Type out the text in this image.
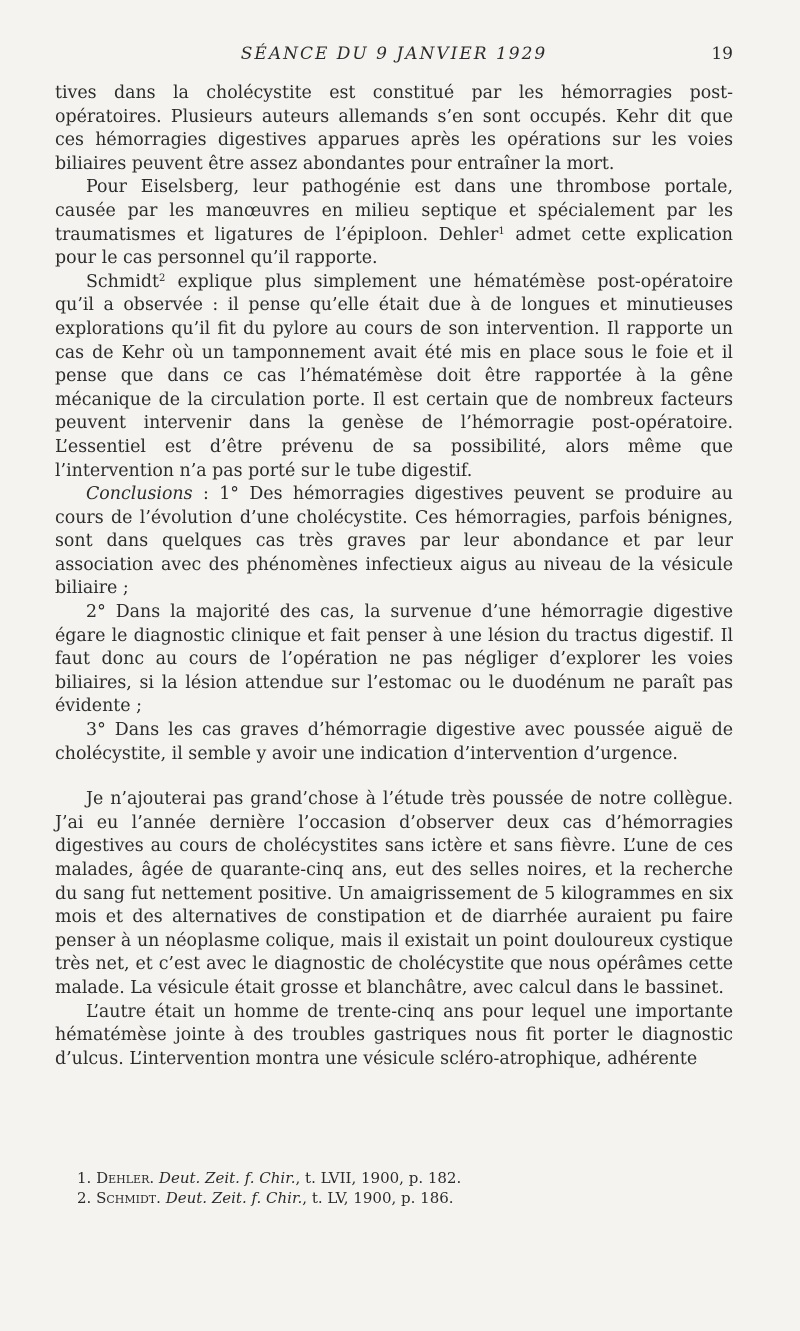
SÉANCE DU 9 JANVIER 1929	19

tives dans la cholécystite est constitué par les hémorragies post-opératoires. Plusieurs auteurs allemands s’en sont occupés. Kehr dit que ces hémorragies digestives apparues après les opérations sur les voies biliaires peuvent être assez abondantes pour entraîner la mort.

Pour Eiselsberg, leur pathogénie est dans une thrombose portale, causée par les manœuvres en milieu septique et spécialement par les traumatismes et ligatures de l’épiploon. Dehler$^1$ admet cette explication pour le cas personnel qu’il rapporte.

Schmidt$^2$ explique plus simplement une hématémèse post-opératoire qu’il a observée : il pense qu’elle était due à de longues et minutieuses explorations qu’il fit du pylore au cours de son intervention. Il rapporte un cas de Kehr où un tamponnement avait été mis en place sous le foie et il pense que dans ce cas l’hématémèse doit être rapportée à la gêne mécanique de la circulation porte. Il est certain que de nombreux facteurs peuvent intervenir dans la genèse de l’hémorragie post-opératoire. L’essentiel est d’être prévenu de sa possibilité, alors même que l’intervention n’a pas porté sur le tube digestif.

Conclusions : 1° Des hémorragies digestives peuvent se produire au cours de l’évolution d’une cholécystite. Ces hémorragies, parfois bénignes, sont dans quelques cas très graves par leur abondance et par leur association avec des phénomènes infectieux aigus au niveau de la vésicule biliaire ;

2° Dans la majorité des cas, la survenue d’une hémorragie digestive égare le diagnostic clinique et fait penser à une lésion du tractus digestif. Il faut donc au cours de l’opération ne pas négliger d’explorer les voies biliaires, si la lésion attendue sur l’estomac ou le duodénum ne paraît pas évidente ;

3° Dans les cas graves d’hémorragie digestive avec poussée aiguë de cholécystite, il semble y avoir une indication d’intervention d’urgence.

Je n’ajouterai pas grand’chose à l’étude très poussée de notre collègue. J’ai eu l’année dernière l’occasion d’observer deux cas d’hémorragies digestives au cours de cholécystites sans ictère et sans fièvre. L’une de ces malades, âgée de quarante-cinq ans, eut des selles noires, et la recherche du sang fut nettement positive. Un amaigrissement de 5 kilogrammes en six mois et des alternatives de constipation et de diarrhée auraient pu faire penser à un néoplasme colique, mais il existait un point douloureux cystique très net, et c’est avec le diagnostic de cholécystite que nous opérâmes cette malade. La vésicule était grosse et blanchâtre, avec calcul dans le bassinet.

L’autre était un homme de trente-cinq ans pour lequel une importante hématémèse jointe à des troubles gastriques nous fit porter le diagnostic d’ulcus. L’intervention montra une vésicule scléro-atrophique, adhérente

1. Dehler. Deut. Zeit. f. Chir., t. LVII, 1900, p. 182.

2. Schmidt. Deut. Zeit. f. Chir., t. LV, 1900, p. 186.
